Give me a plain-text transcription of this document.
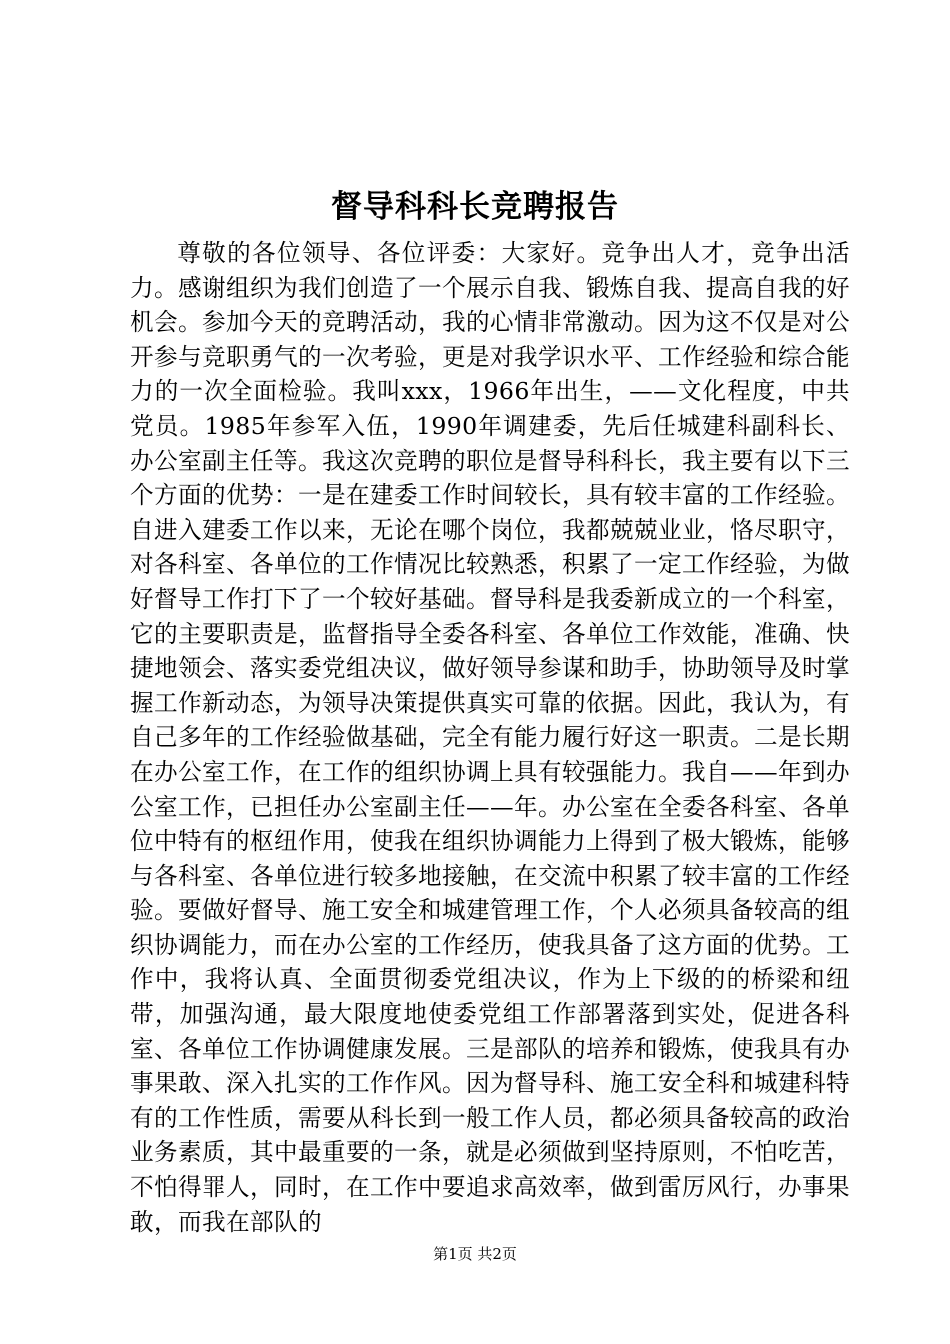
督导科科长竞聘报告

尊敬的各位领导、各位评委：大家好。竞争出人才，竞争出活力。感谢组织为我们创造了一个展示自我、锻炼自我、提高自我的好机会。参加今天的竞聘活动，我的心情非常激动。因为这不仅是对公开参与竞职勇气的一次考验，更是对我学识水平、工作经验和综合能力的一次全面检验。我叫xxx，1966年出生，——文化程度，中共党员。1985年参军入伍，1990年调建委，先后任城建科副科长、办公室副主任等。我这次竞聘的职位是督导科科长，我主要有以下三个方面的优势：一是在建委工作时间较长，具有较丰富的工作经验。自进入建委工作以来，无论在哪个岗位，我都兢兢业业，恪尽职守，对各科室、各单位的工作情况比较熟悉，积累了一定工作经验，为做好督导工作打下了一个较好基础。督导科是我委新成立的一个科室，它的主要职责是，监督指导全委各科室、各单位工作效能，准确、快捷地领会、落实委党组决议，做好领导参谋和助手，协助领导及时掌握工作新动态，为领导决策提供真实可靠的依据。因此，我认为，有自己多年的工作经验做基础，完全有能力履行好这一职责。二是长期在办公室工作，在工作的组织协调上具有较强能力。我自——年到办公室工作，已担任办公室副主任——年。办公室在全委各科室、各单位中特有的枢纽作用，使我在组织协调能力上得到了极大锻炼，能够与各科室、各单位进行较多地接触，在交流中积累了较丰富的工作经验。要做好督导、施工安全和城建管理工作，个人必须具备较高的组织协调能力，而在办公室的工作经历，使我具备了这方面的优势。工作中，我将认真、全面贯彻委党组决议，作为上下级的的桥梁和纽带，加强沟通，最大限度地使委党组工作部署落到实处，促进各科室、各单位工作协调健康发展。三是部队的培养和锻炼，使我具有办事果敢、深入扎实的工作作风。因为督导科、施工安全科和城建科特有的工作性质，需要从科长到一般工作人员，都必须具备较高的政治业务素质，其中最重要的一条，就是必须做到坚持原则，不怕吃苦，不怕得罪人，同时，在工作中要追求高效率，做到雷厉风行，办事果敢，而我在部队的

第1页 共2页
